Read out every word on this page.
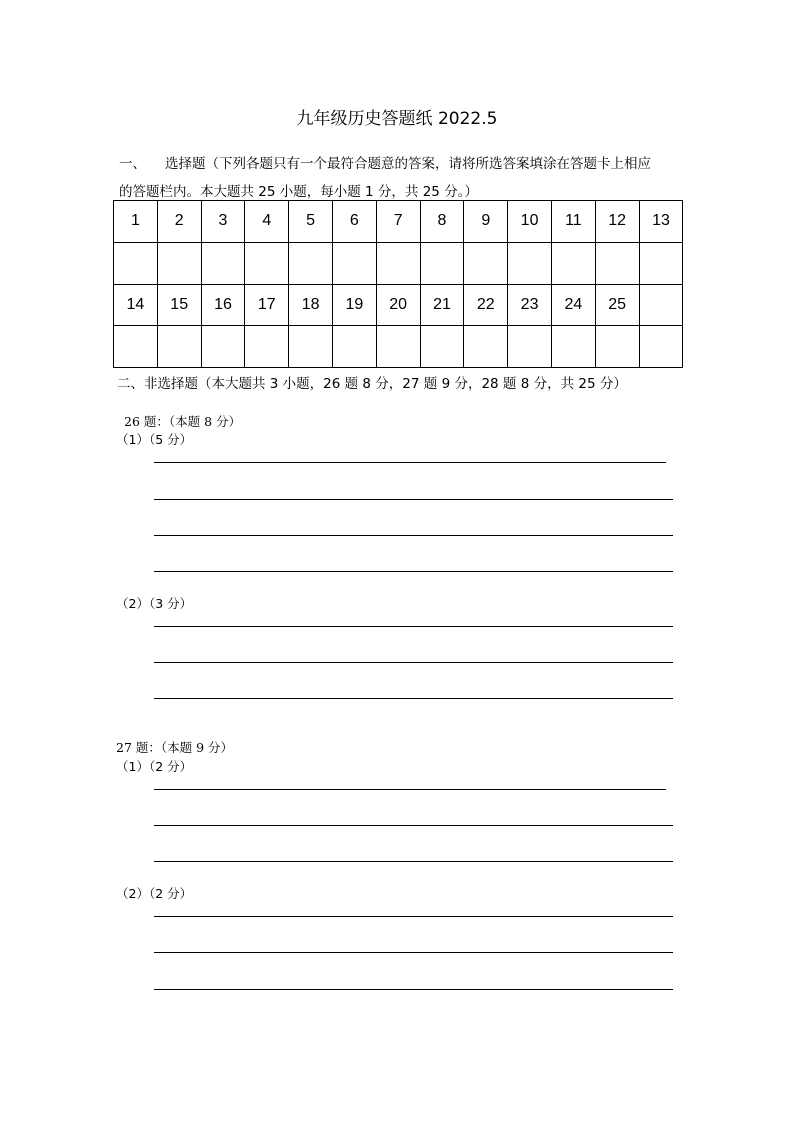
九年级历史答题纸 2022.5
一、 选择题（下列各题只有一个最符合题意的答案，请将所选答案填涂在答题卡上相应
的答题栏内。本大题共 25 小题，每小题 1 分，共 25 分。）
1	2	3	4	5	6	7	8	9	10	11	12	13

14	15	16	17	18	19	20	21	22	23	24	25	

二、非选择题（本大题共 3 小题，26 题 8 分，27 题 9 分，28 题 8 分，共 25 分）
26 题：（本题 8 分）
（1）（5 分）
（2）（3 分）
27 题：（本题 9 分）
（1）（2 分）
（2）（2 分）
